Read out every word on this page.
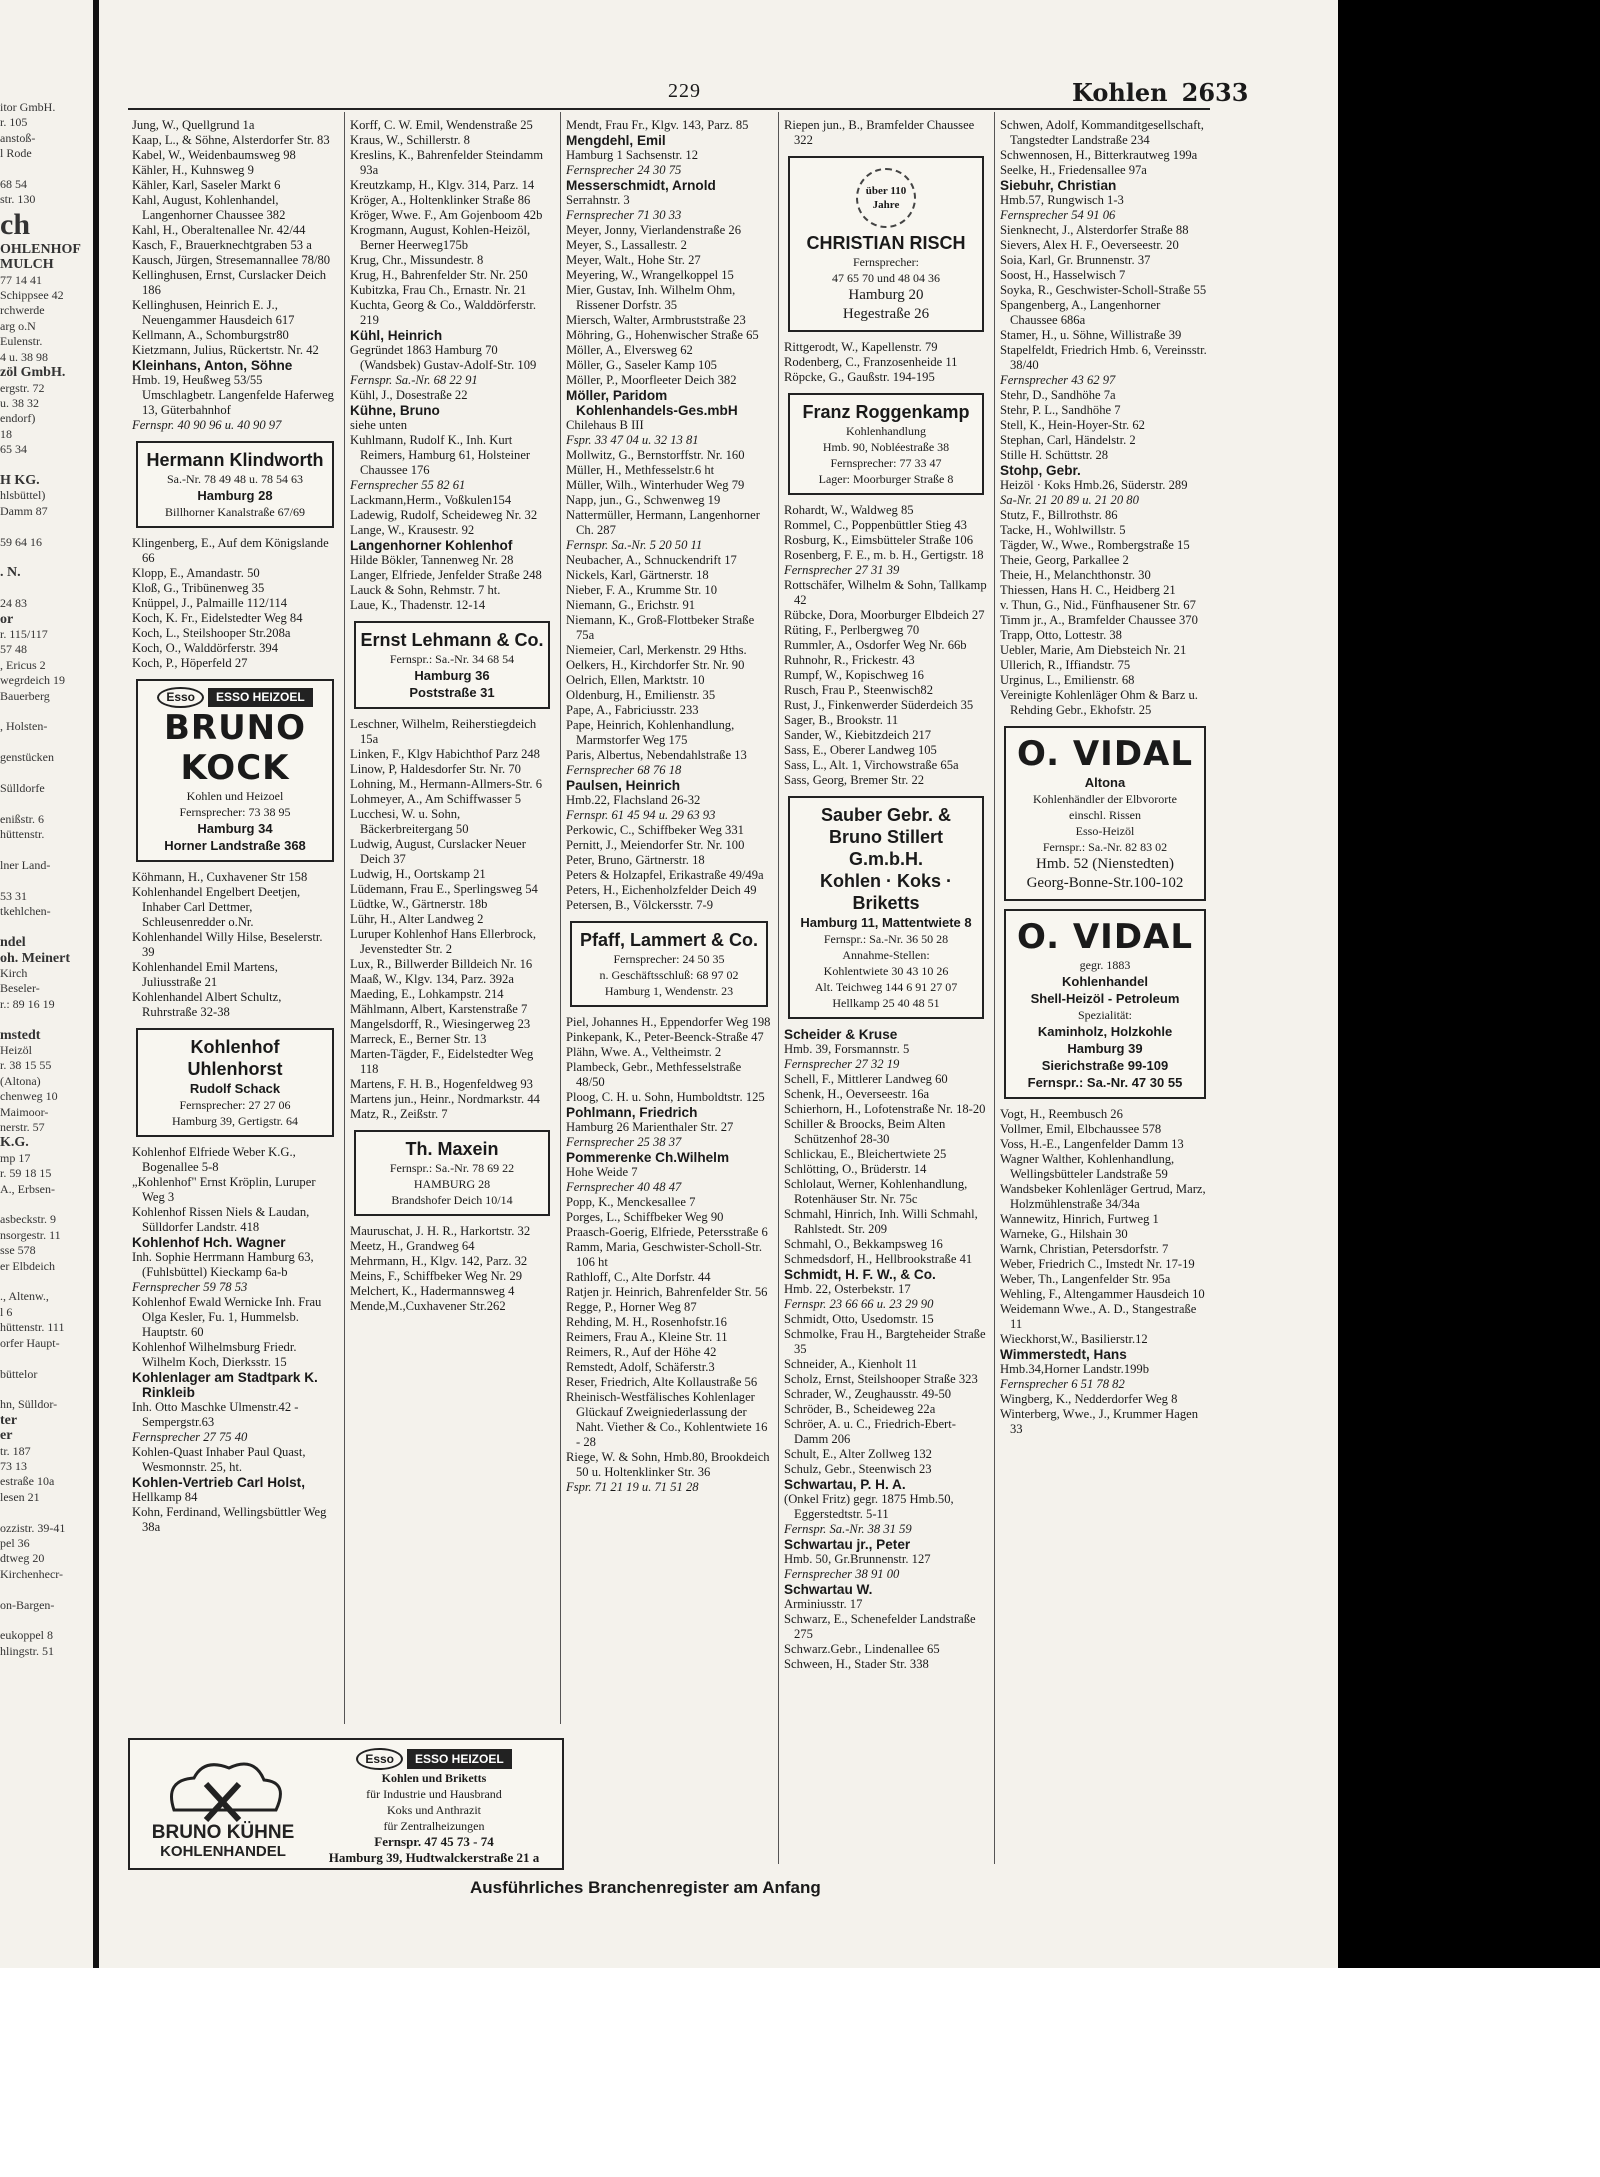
itor GmbH.
r. 105
anstoß-
l Rode

68 54
str. 130
ch
OHLENHOF
MULCH
77 14 41
Schippsee 42
rchwerde
arg o.N
Eulenstr.
4 u. 38 98
zöl GmbH.
ergstr. 72
u. 38 32
endorf)
18
65 34

H KG.
hlsbüttel)
Damm 87

59 64 16

. N.

24 83
or
r. 115/117
57 48
, Ericus 2
wegrdeich 19
Bauerberg

, Holsten-

genstücken

Sülldorfe

enißstr. 6
hüttenstr.

lner Land-

53 31
tkehlchen-

ndel
oh. Meinert
Kirch
Beseler-
r.: 89 16 19

mstedt
Heizöl
r. 38 15 55
(Altona)
chenweg 10
Maimoor-
nerstr. 57
K.G.
mp 17
r. 59 18 15
A., Erbsen-

asbeckstr. 9
nsorgestr. 11
sse 578
er Elbdeich

., Altenw.,
l 6
hüttenstr. 111
orfer Haupt-

büttelor

hn, Sülldor-
ter
er
tr. 187
73 13
estraße 10a
lesen 21

ozzistr. 39-41
pel 36
dtweg 20
Kirchenhecr-

on-Bargen-

eukoppel 8
hlingstr. 51
229	Kohlen 2633
Jung, W., Quellgrund 1a
Kaap, L., & Söhne, Alsterdorfer Str. 83
Kabel, W., Weidenbaumsweg 98
Kähler, H., Kuhnsweg 9
Kähler, Karl, Saseler Markt 6
Kahl, August, Kohlenhandel, Langenhorner Chaussee 382
Kahl, H., Oberaltenallee Nr. 42/44
Kasch, F., Brauerknechtgraben 53 a
Kausch, Jürgen, Stresemannallee 78/80
Kellinghusen, Ernst, Curslacker Deich 186
Kellinghusen, Heinrich E. J., Neuengammer Hausdeich 617
Kellmann, A., Schomburgstr80
Kietzmann, Julius, Rückertstr. Nr. 42
Kleinhans, Anton, Söhne
Hmb. 19, Heußweg 53/55 Umschlagbetr. Langenfelde Haferweg 13, Güterbahnhof
Fernspr. 40 90 96 u. 40 90 97
Hermann Klindworth
Sa.-Nr. 78 49 48 u. 78 54 63
Hamburg 28
Billhorner Kanalstraße 67/69
Klingenberg, E., Auf dem Königslande 66
Klopp, E., Amandastr. 50
Kloß, G., Tribünenweg 35
Knüppel, J., Palmaille 112/114
Koch, K. Fr., Eidelstedter Weg 84
Koch, L., Steilshooper Str.208a
Koch, O., Walddörferstr. 394
Koch, P., Höperfeld 27
Esso ESSO HEIZOEL
BRUNO KOCK
Kohlen und Heizoel
Fernsprecher: 73 38 95
Hamburg 34
Horner Landstraße 368
Köhmann, H., Cuxhavener Str 158
Kohlenhandel Engelbert Deetjen, Inhaber Carl Dettmer, Schleusenredder o.Nr.
Kohlenhandel Willy Hilse, Beselerstr. 39
Kohlenhandel Emil Martens, Juliusstraße 21
Kohlenhandel Albert Schultz, Ruhrstraße 32-38
Kohlenhof Uhlenhorst
Rudolf Schack
Fernsprecher: 27 27 06
Hamburg 39, Gertigstr. 64
Kohlenhof Elfriede Weber K.G., Bogenallee 5-8
„Kohlenhof" Ernst Kröplin, Luruper Weg 3
Kohlenhof Rissen Niels & Laudan, Sülldorfer Landstr. 418
Kohlenhof Hch. Wagner
Inh. Sophie Herrmann Hamburg 63, (Fuhlsbüttel) Kieckamp 6a-b
Fernsprecher 59 78 53
Kohlenhof Ewald Wernicke Inh. Frau Olga Kesler, Fu. 1, Hummelsb. Hauptstr. 60
Kohlenhof Wilhelmsburg Friedr. Wilhelm Koch, Dierksstr. 15
Kohlenlager am Stadtpark K. Rinkleib
Inh. Otto Maschke Ulmenstr.42 - Sempergstr.63
Fernsprecher 27 75 40
Kohlen-Quast Inhaber Paul Quast, Wesmonnstr. 25, ht.
Kohlen-Vertrieb Carl Holst,
Hellkamp 84
Kohn, Ferdinand, Wellingsbüttler Weg 38a
Korff, C. W. Emil, Wendenstraße 25
Kraus, W., Schillerstr. 8
Kreslins, K., Bahrenfelder Steindamm 93a
Kreutzkamp, H., Klgv. 314, Parz. 14
Kröger, A., Holtenklinker Straße 86
Kröger, Wwe. F., Am Gojenboom 42b
Krogmann, August, Kohlen-Heizöl, Berner Heerweg175b
Krug, Chr., Missundestr. 8
Krug, H., Bahrenfelder Str. Nr. 250
Kubitzka, Frau Ch., Ernastr. Nr. 21
Kuchta, Georg & Co., Walddörferstr. 219
Kühl, Heinrich
Gegründet 1863 Hamburg 70 (Wandsbek) Gustav-Adolf-Str. 109
Fernspr. Sa.-Nr. 68 22 91
Kühl, J., Dosestraße 22
Kühne, Bruno
siehe unten
Kuhlmann, Rudolf K., Inh. Kurt Reimers, Hamburg 61, Holsteiner Chaussee 176
Fernsprecher 55 82 61
Lackmann,Herm., Voßkulen154
Ladewig, Rudolf, Scheideweg Nr. 32
Lange, W., Krausestr. 92
Langenhorner Kohlenhof
Hilde Bökler, Tannenweg Nr. 28
Langer, Elfriede, Jenfelder Straße 248
Lauck & Sohn, Rehmstr. 7 ht.
Laue, K., Thadenstr. 12-14
Ernst Lehmann & Co.
Fernspr.: Sa.-Nr. 34 68 54
Hamburg 36
Poststraße 31
Leschner, Wilhelm, Reiherstiegdeich 15a
Linken, F., Klgv Habichthof Parz 248
Linow, P, Haldesdorfer Str. Nr. 70
Lohning, M., Hermann-Allmers-Str. 6
Lohmeyer, A., Am Schiffwasser 5
Lucchesi, W. u. Sohn, Bäckerbreitergang 50
Ludwig, August, Curslacker Neuer Deich 37
Ludwig, H., Oortskamp 21
Lüdemann, Frau E., Sperlingsweg 54
Lüdtke, W., Gärtnerstr. 18b
Lühr, H., Alter Landweg 2
Luruper Kohlenhof Hans Ellerbrock, Jevenstedter Str. 2
Lux, R., Billwerder Billdeich Nr. 16
Maaß, W., Klgv. 134, Parz. 392a
Maeding, E., Lohkampstr. 214
Mählmann, Albert, Karstenstraße 7
Mangelsdorff, R., Wiesingerweg 23
Marreck, E., Berner Str. 13
Marten-Tägder, F., Eidelstedter Weg 118
Martens, F. H. B., Hogenfeldweg 93
Martens jun., Heinr., Nordmarkstr. 44
Matz, R., Zeißstr. 7
Th. Maxein
Fernspr.: Sa.-Nr. 78 69 22
HAMBURG 28
Brandshofer Deich 10/14
Mauruschat, J. H. R., Harkortstr. 32
Meetz, H., Grandweg 64
Mehrmann, H., Klgv. 142, Parz. 32
Meins, F., Schiffbeker Weg Nr. 29
Melchert, K., Hadermannsweg 4
Mende,M.,Cuxhavener Str.262
Mendt, Frau Fr., Klgv. 143, Parz. 85
Mengdehl, Emil
Hamburg 1 Sachsenstr. 12
Fernsprecher 24 30 75
Messerschmidt, Arnold
Serrahnstr. 3
Fernsprecher 71 30 33
Meyer, Jonny, Vierlandenstraße 26
Meyer, S., Lassallestr. 2
Meyer, Walt., Hohe Str. 27
Meyering, W., Wrangelkoppel 15
Mier, Gustav, Inh. Wilhelm Ohm, Rissener Dorfstr. 35
Miersch, Walter, Armbruststraße 23
Möhring, G., Hohenwischer Straße 65
Möller, A., Elversweg 62
Möller, G., Saseler Kamp 105
Möller, P., Moorfleeter Deich 382
Möller, Paridom Kohlenhandels-Ges.mbH
Chilehaus B III
Fspr. 33 47 04 u. 32 13 81
Mollwitz, G., Bernstorffstr. Nr. 160
Müller, H., Methfesselstr.6 ht
Müller, Wilh., Winterhuder Weg 79
Napp, jun., G., Schwenweg 19
Nattermüller, Hermann, Langenhorner Ch. 287
Fernspr. Sa.-Nr. 5 20 50 11
Neubacher, A., Schnuckendrift 17
Nickels, Karl, Gärtnerstr. 18
Nieber, F. A., Krumme Str. 10
Niemann, G., Erichstr. 91
Niemann, K., Groß-Flottbeker Straße 75a
Niemeier, Carl, Merkenstr. 29 Hths.
Oelkers, H., Kirchdorfer Str. Nr. 90
Oelrich, Ellen, Marktstr. 10
Oldenburg, H., Emilienstr. 35
Pape, A., Fabriciusstr. 233
Pape, Heinrich, Kohlenhandlung, Marmstorfer Weg 175
Paris, Albertus, Nebendahlstraße 13
Fernsprecher 68 76 18
Paulsen, Heinrich
Hmb.22, Flachsland 26-32
Fernspr. 61 45 94 u. 29 63 93
Perkowic, C., Schiffbeker Weg 331
Pernitt, J., Meiendorfer Str. Nr. 100
Peter, Bruno, Gärtnerstr. 18
Peters & Holzapfel, Erikastraße 49/49a
Peters, H., Eichenholzfelder Deich 49
Petersen, B., Völckersstr. 7-9
Pfaff, Lammert & Co.
Fernsprecher: 24 50 35
n. Geschäftsschluß: 68 97 02
Hamburg 1, Wendenstr. 23
Piel, Johannes H., Eppendorfer Weg 198
Pinkepank, K., Peter-Beenck-Straße 47
Plähn, Wwe. A., Veltheimstr. 2
Plambeck, Gebr., Methfesselstraße 48/50
Ploog, C. H. u. Sohn, Humboldtstr. 125
Pohlmann, Friedrich
Hamburg 26 Marienthaler Str. 27
Fernsprecher 25 38 37
Pommerenke Ch.Wilhelm
Hohe Weide 7
Fernsprecher 40 48 47
Popp, K., Menckesallee 7
Porges, L., Schiffbeker Weg 90
Praasch-Goerig, Elfriede, Petersstraße 6
Ramm, Maria, Geschwister-Scholl-Str. 106 ht
Rathloff, C., Alte Dorfstr. 44
Ratjen jr. Heinrich, Bahrenfelder Str. 56
Regge, P., Horner Weg 87
Rehding, M. H., Rosenhofstr.16
Reimers, Frau A., Kleine Str. 11
Reimers, R., Auf der Höhe 42
Remstedt, Adolf, Schäferstr.3
Reser, Friedrich, Alte Kollaustraße 56
Rheinisch-Westfälisches Kohlenlager Glückauf Zweigniederlassung der Naht. Viether & Co., Kohlentwiete 16 - 28
Riege, W. & Sohn, Hmb.80, Brookdeich 50 u. Holtenklinker Str. 36
Fspr. 71 21 19 u. 71 51 28
Riepen jun., B., Bramfelder Chaussee 322
über 110 Jahre
CHRISTIAN RISCH
Fernsprecher:
47 65 70 und 48 04 36
Hamburg 20
Hegestraße 26
Rittgerodt, W., Kapellenstr. 79
Rodenberg, C., Franzosenheide 11
Röpcke, G., Gaußstr. 194-195
Franz Roggenkamp
Kohlenhandlung
Hmb. 90, Nobléestraße 38
Fernsprecher: 77 33 47
Lager: Moorburger Straße 8
Rohardt, W., Waldweg 85
Rommel, C., Poppenbüttler Stieg 43
Rosburg, K., Eimsbütteler Straße 106
Rosenberg, F. E., m. b. H., Gertigstr. 18
Fernsprecher 27 31 39
Rottschäfer, Wilhelm & Sohn, Tallkamp 42
Rübcke, Dora, Moorburger Elbdeich 27
Rüting, F., Perlbergweg 70
Rummler, A., Osdorfer Weg Nr. 66b
Ruhnohr, R., Frickestr. 43
Rumpf, W., Kopischweg 16
Rusch, Frau P., Steenwisch82
Rust, J., Finkenwerder Süderdeich 35
Sager, B., Brookstr. 11
Sander, W., Kiebitzdeich 217
Sass, E., Oberer Landweg 105
Sass, L., Alt. 1, Virchowstraße 65a
Sass, Georg, Bremer Str. 22
Sauber Gebr. &
Bruno Stillert G.m.b.H.
Kohlen · Koks · Briketts
Hamburg 11, Mattentwiete 8
Fernspr.: Sa.-Nr. 36 50 28
Annahme-Stellen:
Kohlentwiete 30 43 10 26
Alt. Teichweg 144 6 91 27 07
Hellkamp 25 40 48 51
Scheider & Kruse
Hmb. 39, Forsmannstr. 5
Fernsprecher 27 32 19
Schell, F., Mittlerer Landweg 60
Schenk, H., Oeverseestr. 16a
Schierhorn, H., Lofotenstraße Nr. 18-20
Schiller & Broocks, Beim Alten Schützenhof 28-30
Schlickau, E., Bleichertwiete 25
Schlötting, O., Brüderstr. 14
Schlolaut, Werner, Kohlenhandlung, Rotenhäuser Str. Nr. 75c
Schmahl, Hinrich, Inh. Willi Schmahl, Rahlstedt. Str. 209
Schmahl, O., Bekkampsweg 16
Schmedsdorf, H., Hellbrookstraße 41
Schmidt, H. F. W., & Co.
Hmb. 22, Osterbekstr. 17
Fernspr. 23 66 66 u. 23 29 90
Schmidt, Otto, Usedomstr. 15
Schmolke, Frau H., Bargteheider Straße 35
Schneider, A., Kienholt 11
Scholz, Ernst, Steilshooper Straße 323
Schrader, W., Zeughausstr. 49-50
Schröder, B., Scheideweg 22a
Schröer, A. u. C., Friedrich-Ebert-Damm 206
Schult, E., Alter Zollweg 132
Schulz, Gebr., Steenwisch 23
Schwartau, P. H. A.
(Onkel Fritz) gegr. 1875 Hmb.50, Eggerstedtstr. 5-11
Fernspr. Sa.-Nr. 38 31 59
Schwartau jr., Peter
Hmb. 50, Gr.Brunnenstr. 127
Fernsprecher 38 91 00
Schwartau W.
Arminiusstr. 17
Schwarz, E., Schenefelder Landstraße 275
Schwarz.Gebr., Lindenallee 65
Schween, H., Stader Str. 338
Schwen, Adolf, Kommanditgesellschaft, Tangstedter Landstraße 234
Schwennosen, H., Bitterkrautweg 199a
Seelke, H., Friedensallee 97a
Siebuhr, Christian
Hmb.57, Rungwisch 1-3
Fernsprecher 54 91 06
Sienknecht, J., Alsterdorfer Straße 88
Sievers, Alex H. F., Oeverseestr. 20
Soia, Karl, Gr. Brunnenstr. 37
Soost, H., Hasselwisch 7
Soyka, R., Geschwister-Scholl-Straße 55
Spangenberg, A., Langenhorner Chaussee 686a
Stamer, H., u. Söhne, Willistraße 39
Stapelfeldt, Friedrich Hmb. 6, Vereinsstr. 38/40
Fernsprecher 43 62 97
Stehr, D., Sandhöhe 7a
Stehr, P. L., Sandhöhe 7
Stell, K., Hein-Hoyer-Str. 62
Stephan, Carl, Händelstr. 2
Stille H. Schüttstr. 28
Stohp, Gebr.
Heizöl · Koks Hmb.26, Süderstr. 289
Sa-Nr. 21 20 89 u. 21 20 80
Stutz, F., Billrothstr. 86
Tacke, H., Wohlwillstr. 5
Tägder, W., Wwe., Rombergstraße 15
Theie, Georg, Parkallee 2
Theie, H., Melanchthonstr. 30
Thiessen, Hans H. C., Heidberg 21
v. Thun, G., Nid., Fünfhausener Str. 67
Timm jr., A., Bramfelder Chaussee 370
Trapp, Otto, Lottestr. 38
Uebler, Marie, Am Diebsteich Nr. 21
Ullerich, R., Iffiandstr. 75
Urginus, L., Emilienstr. 68
Vereinigte Kohlenläger Ohm & Barz u. Rehding Gebr., Ekhofstr. 25
O. VIDAL
Altona
Kohlenhändler der Elbvororte
einschl. Rissen
Esso-Heizöl
Fernspr.: Sa.-Nr. 82 83 02
Hmb. 52 (Nienstedten)
Georg-Bonne-Str.100-102
O. VIDAL
gegr. 1883
Kohlenhandel
Shell-Heizöl - Petroleum
Spezialität:
Kaminholz, Holzkohle
Hamburg 39
Sierichstraße 99-109
Fernspr.: Sa.-Nr. 47 30 55
Vogt, H., Reembusch 26
Vollmer, Emil, Elbchaussee 578
Voss, H.-E., Langenfelder Damm 13
Wagner Walther, Kohlenhandlung, Wellingsbütteler Landstraße 59
Wandsbeker Kohlenläger Gertrud, Marz, Holzmühlenstraße 34/34a
Wannewitz, Hinrich, Furtweg 1
Warneke, G., Hilshain 30
Warnk, Christian, Petersdorfstr. 7
Weber, Friedrich C., Imstedt Nr. 17-19
Weber, Th., Langenfelder Str. 95a
Wehling, F., Altengammer Hausdeich 10
Weidemann Wwe., A. D., Stangestraße 11
Wieckhorst,W., Basilierstr.12
Wimmerstedt, Hans
Hmb.34,Horner Landstr.199b
Fernsprecher 6 51 78 82
Wingberg, K., Nedderdorfer Weg 8
Winterberg, Wwe., J., Krummer Hagen 33
BRUNO KÜHNE
KOHLENHANDEL
Esso ESSO HEIZOEL
Kohlen und Briketts
für Industrie und Hausbrand
Koks und Anthrazit
für Zentralheizungen
Fernspr. 47 45 73 - 74
Hamburg 39, Hudtwalckerstraße 21 a
Ausführliches Branchenregister am Anfang
